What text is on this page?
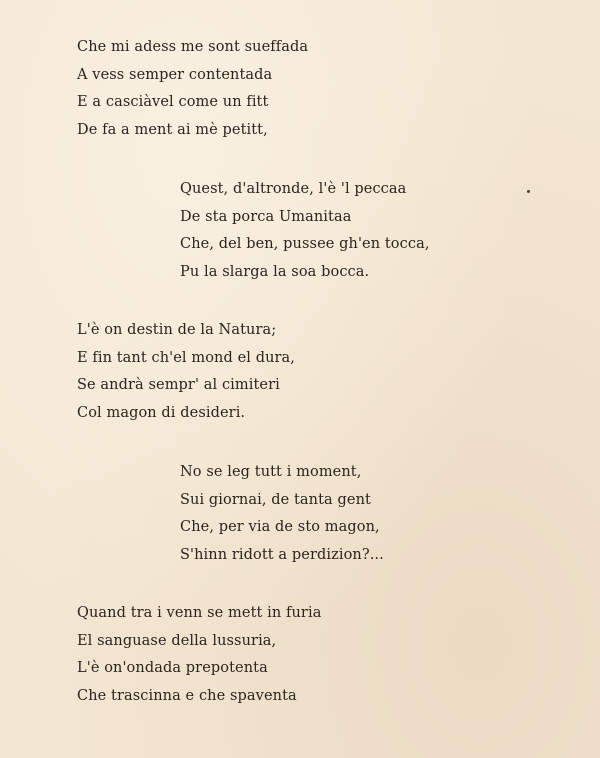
Che mi adess me sont sueffada
A vess semper contentada
E a casciàvel come un fitt
De fa a ment ai mè petitt,
Quest, d'altronde, l'è 'l peccaa
De sta porca Umanitaa
Che, del ben, pussee gh'en tocca,
Pu la slarga la soa bocca.
L'è on destin de la Natura;
E fin tant ch'el mond el dura,
Se andrà sempr' al cimiteri
Col magon di desideri.
No se leg tutt i moment,
Sui giornai, de tanta gent
Che, per via de sto magon,
S'hinn ridott a perdizion?...
Quand tra i venn se mett in furia
El sanguase della lussuria,
L'è on'ondada prepotenta
Che trascinna e che spaventa
